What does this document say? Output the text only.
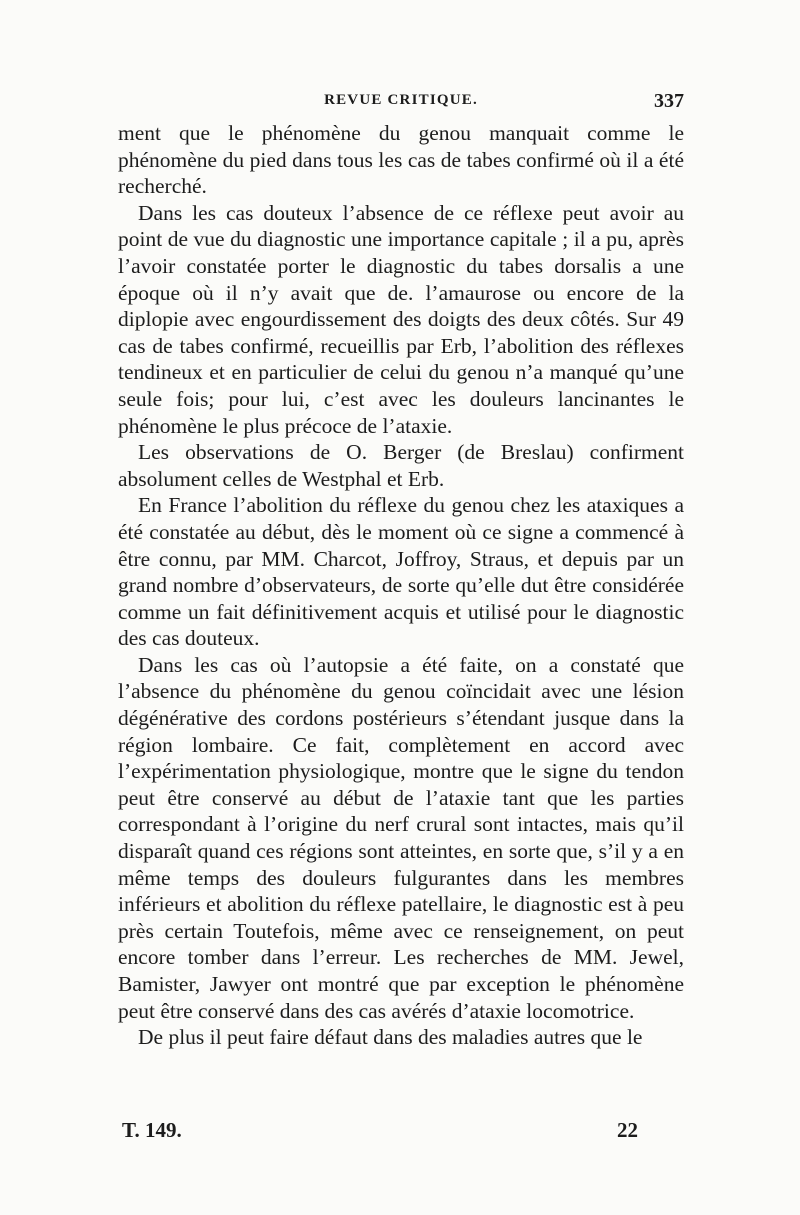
REVUE CRITIQUE.	337

ment que le phénomène du genou manquait comme le phénomène du pied dans tous les cas de tabes confirmé où il a été recherché.

Dans les cas douteux l’absence de ce réflexe peut avoir au point de vue du diagnostic une importance capitale ; il a pu, après l’avoir constatée porter le diagnostic du tabes dorsalis a une époque où il n’y avait que de. l’amaurose ou encore de la diplopie avec engourdissement des doigts des deux côtés. Sur 49 cas de tabes confirmé, recueillis par Erb, l’abolition des réflexes tendineux et en particulier de celui du genou n’a manqué qu’une seule fois; pour lui, c’est avec les douleurs lancinantes le phénomène le plus précoce de l’ataxie.

Les observations de O. Berger (de Breslau) confirment absolument celles de Westphal et Erb.

En France l’abolition du réflexe du genou chez les ataxiques a été constatée au début, dès le moment où ce signe a commencé à être connu, par MM. Charcot, Joffroy, Straus, et depuis par un grand nombre d’observateurs, de sorte qu’elle dut être considérée comme un fait définitivement acquis et utilisé pour le diagnostic des cas douteux.

Dans les cas où l’autopsie a été faite, on a constaté que l’absence du phénomène du genou coïncidait avec une lésion dégénérative des cordons postérieurs s’étendant jusque dans la région lombaire. Ce fait, complètement en accord avec l’expérimentation physiologique, montre que le signe du tendon peut être conservé au début de l’ataxie tant que les parties correspondant à l’origine du nerf crural sont intactes, mais qu’il disparaît quand ces régions sont atteintes, en sorte que, s’il y a en même temps des douleurs fulgurantes dans les membres inférieurs et abolition du réflexe patellaire, le diagnostic est à peu près certain Toutefois, même avec ce renseignement, on peut encore tomber dans l’erreur. Les recherches de MM. Jewel, Bamister, Jawyer ont montré que par exception le phénomène peut être conservé dans des cas avérés d’ataxie locomotrice.

De plus il peut faire défaut dans des maladies autres que le

T. 149.	22
